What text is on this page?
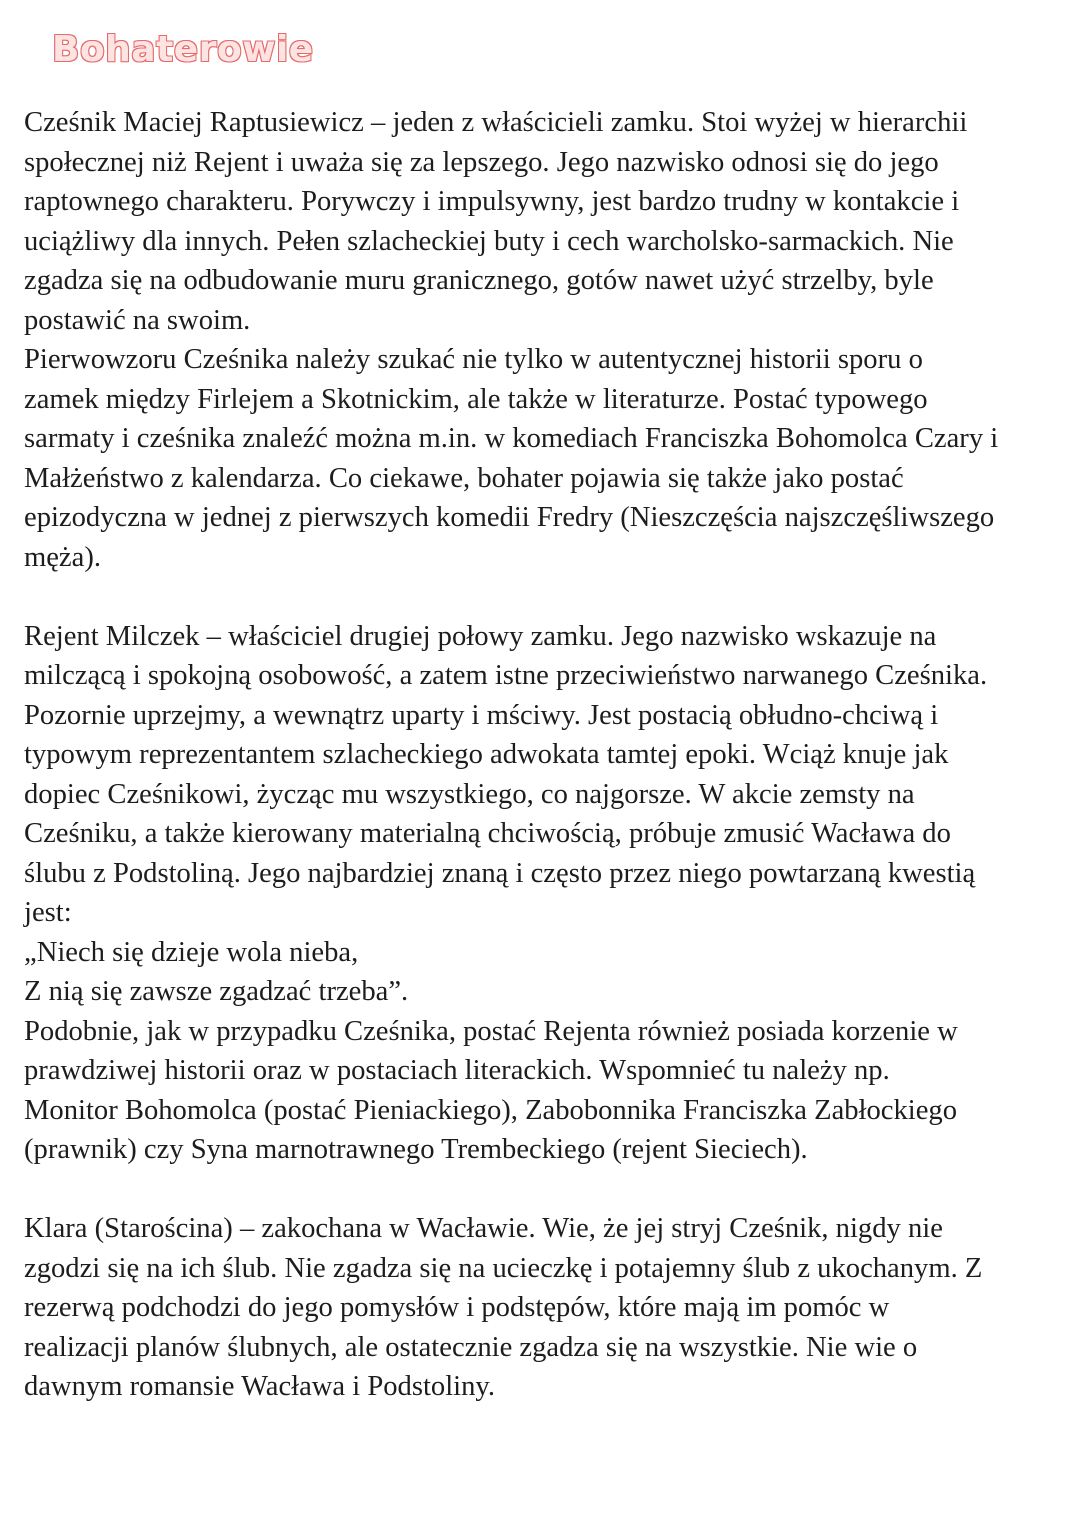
Bohaterowie
Cześnik Maciej Raptusiewicz – jeden z właścicieli zamku. Stoi wyżej w hierarchii
społecznej niż Rejent i uważa się za lepszego. Jego nazwisko odnosi się do jego
raptownego charakteru. Porywczy i impulsywny, jest bardzo trudny w kontakcie i
uciążliwy dla innych. Pełen szlacheckiej buty i cech warcholsko-sarmackich. Nie
zgadza się na odbudowanie muru granicznego, gotów nawet użyć strzelby, byle
postawić na swoim.
Pierwowzoru Cześnika należy szukać nie tylko w autentycznej historii sporu o
zamek między Firlejem a Skotnickim, ale także w literaturze. Postać typowego
sarmaty i cześnika znaleźć można m.in. w komediach Franciszka Bohomolca Czary i
Małżeństwo z kalendarza. Co ciekawe, bohater pojawia się także jako postać
epizodyczna w jednej z pierwszych komedii Fredry (Nieszczęścia najszczęśliwszego
męża).
Rejent Milczek – właściciel drugiej połowy zamku. Jego nazwisko wskazuje na
milczącą i spokojną osobowość, a zatem istne przeciwieństwo narwanego Cześnika.
Pozornie uprzejmy, a wewnątrz uparty i mściwy. Jest postacią obłudno-chciwą i
typowym reprezentantem szlacheckiego adwokata tamtej epoki. Wciąż knuje jak
dopiec Cześnikowi, życząc mu wszystkiego, co najgorsze. W akcie zemsty na
Cześniku, a także kierowany materialną chciwością, próbuje zmusić Wacława do
ślubu z Podstoliną. Jego najbardziej znaną i często przez niego powtarzaną kwestią
jest:
„Niech się dzieje wola nieba,
Z nią się zawsze zgadzać trzeba”.
Podobnie, jak w przypadku Cześnika, postać Rejenta również posiada korzenie w
prawdziwej historii oraz w postaciach literackich. Wspomnieć tu należy np.
Monitor Bohomolca (postać Pieniackiego), Zabobonnika Franciszka Zabłockiego
(prawnik) czy Syna marnotrawnego Trembeckiego (rejent Sieciech).
Klara (Starościna) – zakochana w Wacławie. Wie, że jej stryj Cześnik, nigdy nie
zgodzi się na ich ślub. Nie zgadza się na ucieczkę i potajemny ślub z ukochanym. Z
rezerwą podchodzi do jego pomysłów i podstępów, które mają im pomóc w
realizacji planów ślubnych, ale ostatecznie zgadza się na wszystkie. Nie wie o
dawnym romansie Wacława i Podstoliny.
